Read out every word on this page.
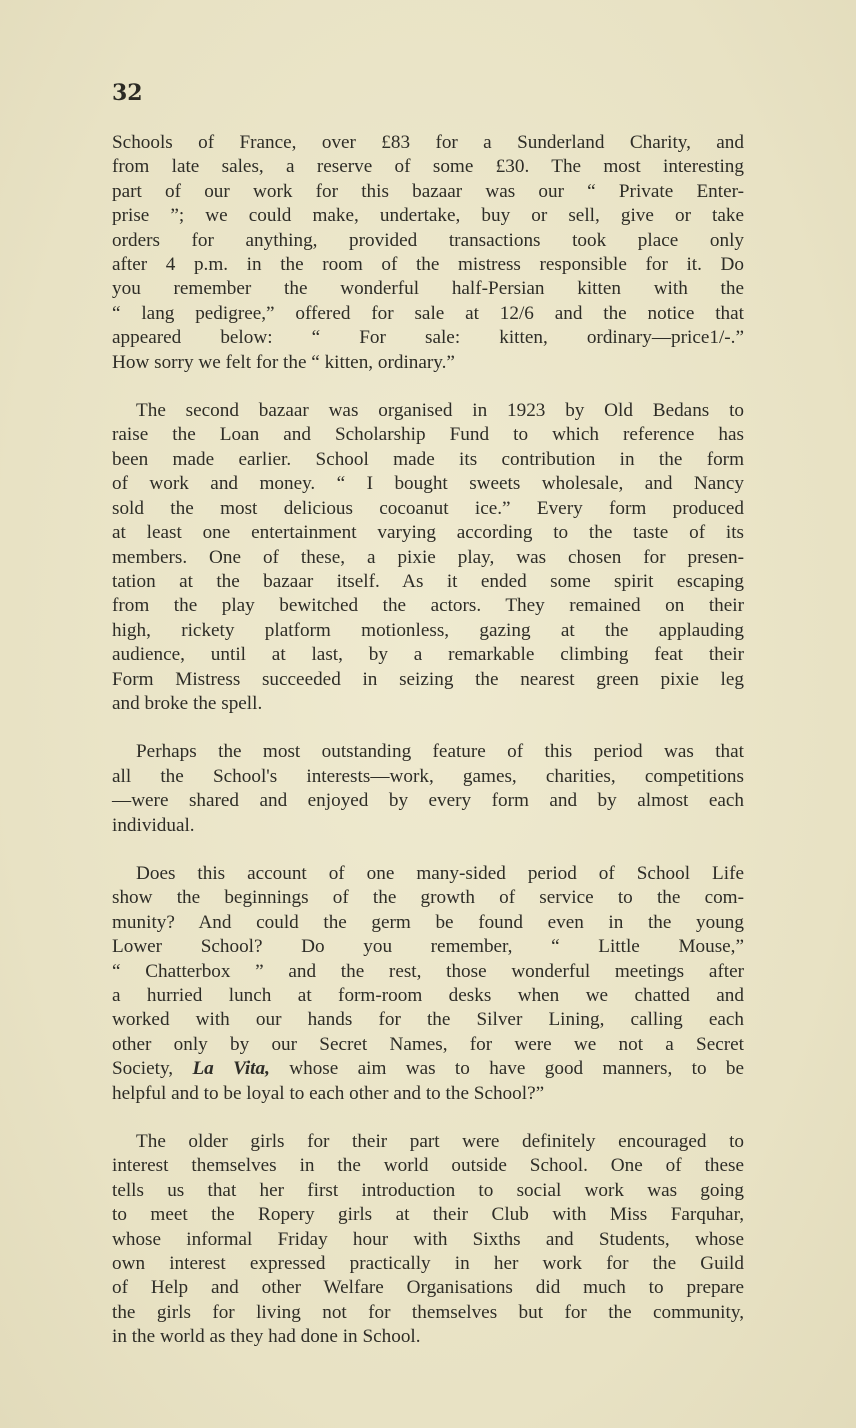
32

Schools of France, over £83 for a Sunderland Charity, and
from late sales, a reserve of some £30. The most interesting
part of our work for this bazaar was our “ Private Enter-
prise ”; we could make, undertake, buy or sell, give or take
orders for anything, provided transactions took place only
after 4 p.m. in the room of the mistress responsible for it. Do
you remember the wonderful half-Persian kitten with the
“ lang pedigree,” offered for sale at 12/6 and the notice that
appeared below: “ For sale: kitten, ordinary—price1/-.”
How sorry we felt for the “ kitten, ordinary.”

The second bazaar was organised in 1923 by Old Bedans to
raise the Loan and Scholarship Fund to which reference has
been made earlier. School made its contribution in the form
of work and money. “ I bought sweets wholesale, and Nancy
sold the most delicious cocoanut ice.” Every form produced
at least one entertainment varying according to the taste of its
members. One of these, a pixie play, was chosen for presen-
tation at the bazaar itself. As it ended some spirit escaping
from the play bewitched the actors. They remained on their
high, rickety platform motionless, gazing at the applauding
audience, until at last, by a remarkable climbing feat their
Form Mistress succeeded in seizing the nearest green pixie leg
and broke the spell.

Perhaps the most outstanding feature of this period was that
all the School's interests—work, games, charities, competitions
—were shared and enjoyed by every form and by almost each
individual.

Does this account of one many-sided period of School Life
show the beginnings of the growth of service to the com-
munity? And could the germ be found even in the young
Lower School? Do you remember, “ Little Mouse,”
“ Chatterbox ” and the rest, those wonderful meetings after
a hurried lunch at form-room desks when we chatted and
worked with our hands for the Silver Lining, calling each
other only by our Secret Names, for were we not a Secret
Society, La Vita, whose aim was to have good manners, to be
helpful and to be loyal to each other and to the School?”

The older girls for their part were definitely encouraged to
interest themselves in the world outside School. One of these
tells us that her first introduction to social work was going
to meet the Ropery girls at their Club with Miss Farquhar,
whose informal Friday hour with Sixths and Students, whose
own interest expressed practically in her work for the Guild
of Help and other Welfare Organisations did much to prepare
the girls for living not for themselves but for the community,
in the world as they had done in School.
